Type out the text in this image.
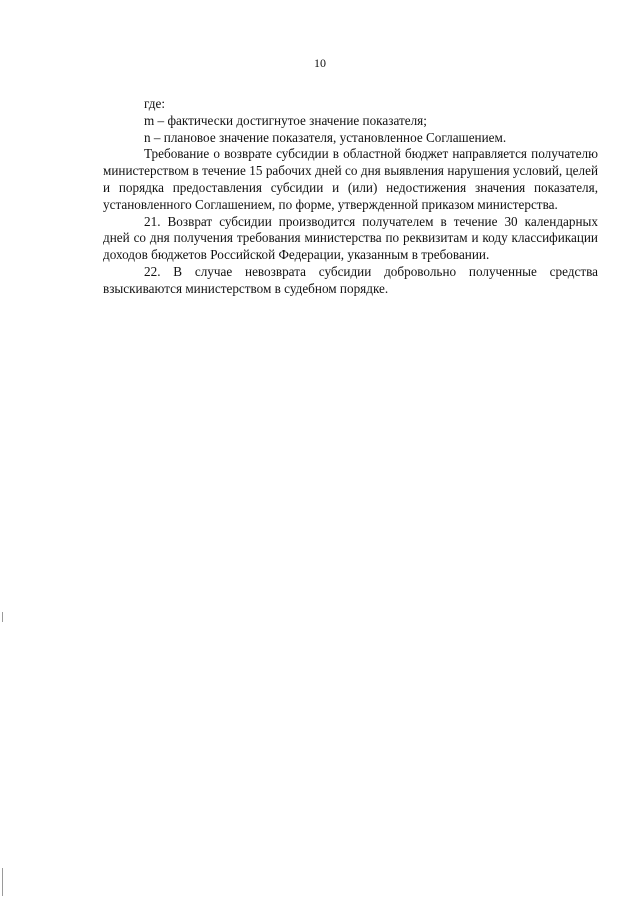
10

где:

m – фактически достигнутое значение показателя;

n – плановое значение показателя, установленное Соглашением.

Требование о возврате субсидии в областной бюджет направляется получателю министерством в течение 15 рабочих дней со дня выявления нарушения условий, целей и порядка предоставления субсидии и (или) недостижения значения показателя, установленного Соглашением, по форме, утвержденной приказом министерства.

21. Возврат субсидии производится получателем в течение 30 календарных дней со дня получения требования министерства по реквизитам и коду классификации доходов бюджетов Российской Федерации, указанным в требовании.

22. В случае невозврата субсидии добровольно полученные средства взыскиваются министерством в судебном порядке.
